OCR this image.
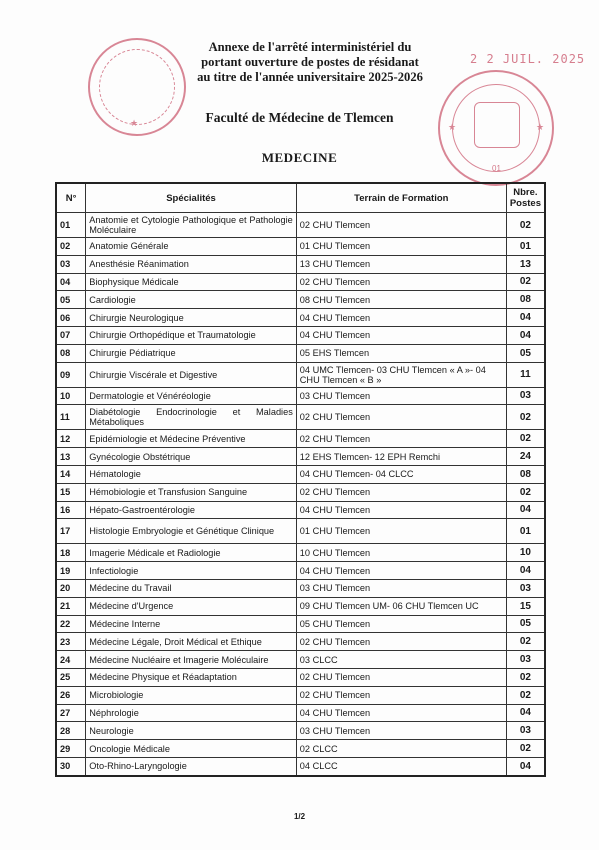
★	★	★
2 2 JUIL. 2025
01
Annexe de l'arrêté interministériel du
portant ouverture de postes de résidanat
au titre de l'année universitaire 2025-2026
Faculté de Médecine de Tlemcen
MEDECINE
N°	Spécialités	Terrain de Formation	Nbre. Postes
01	Anatomie et Cytologie Pathologique et Pathologie Moléculaire	02 CHU Tlemcen	02
02	Anatomie Générale	01 CHU Tlemcen	01
03	Anesthésie Réanimation	13 CHU Tlemcen	13
04	Biophysique Médicale	02 CHU Tlemcen	02
05	Cardiologie	08 CHU Tlemcen	08
06	Chirurgie Neurologique	04 CHU Tlemcen	04
07	Chirurgie Orthopédique et Traumatologie	04 CHU Tlemcen	04
08	Chirurgie Pédiatrique	05 EHS Tlemcen	05
09	Chirurgie Viscérale et Digestive	04 UMC Tlemcen- 03 CHU Tlemcen « A »- 04 CHU Tlemcen « B »	11
10	Dermatologie et Vénéréologie	03 CHU Tlemcen	03
11	Diabétologie Endocrinologie et Maladies Métaboliques	02 CHU Tlemcen	02
12	Epidémiologie et Médecine Préventive	02 CHU Tlemcen	02
13	Gynécologie Obstétrique	12 EHS Tlemcen- 12 EPH Remchi	24
14	Hématologie	04 CHU Tlemcen- 04 CLCC	08
15	Hémobiologie et Transfusion Sanguine	02 CHU Tlemcen	02
16	Hépato-Gastroentérologie	04 CHU Tlemcen	04
17	Histologie Embryologie et Génétique Clinique	01 CHU Tlemcen	01
18	Imagerie Médicale et Radiologie	10 CHU Tlemcen	10
19	Infectiologie	04 CHU Tlemcen	04
20	Médecine du Travail	03 CHU Tlemcen	03
21	Médecine d'Urgence	09 CHU Tlemcen UM- 06 CHU Tlemcen UC	15
22	Médecine Interne	05 CHU Tlemcen	05
23	Médecine Légale, Droit Médical et Ethique	02 CHU Tlemcen	02
24	Médecine Nucléaire et Imagerie Moléculaire	03 CLCC	03
25	Médecine Physique et Réadaptation	02 CHU Tlemcen	02
26	Microbiologie	02 CHU Tlemcen	02
27	Néphrologie	04 CHU Tlemcen	04
28	Neurologie	03 CHU Tlemcen	03
29	Oncologie Médicale	02 CLCC	02
30	Oto-Rhino-Laryngologie	04 CLCC	04
1/2
